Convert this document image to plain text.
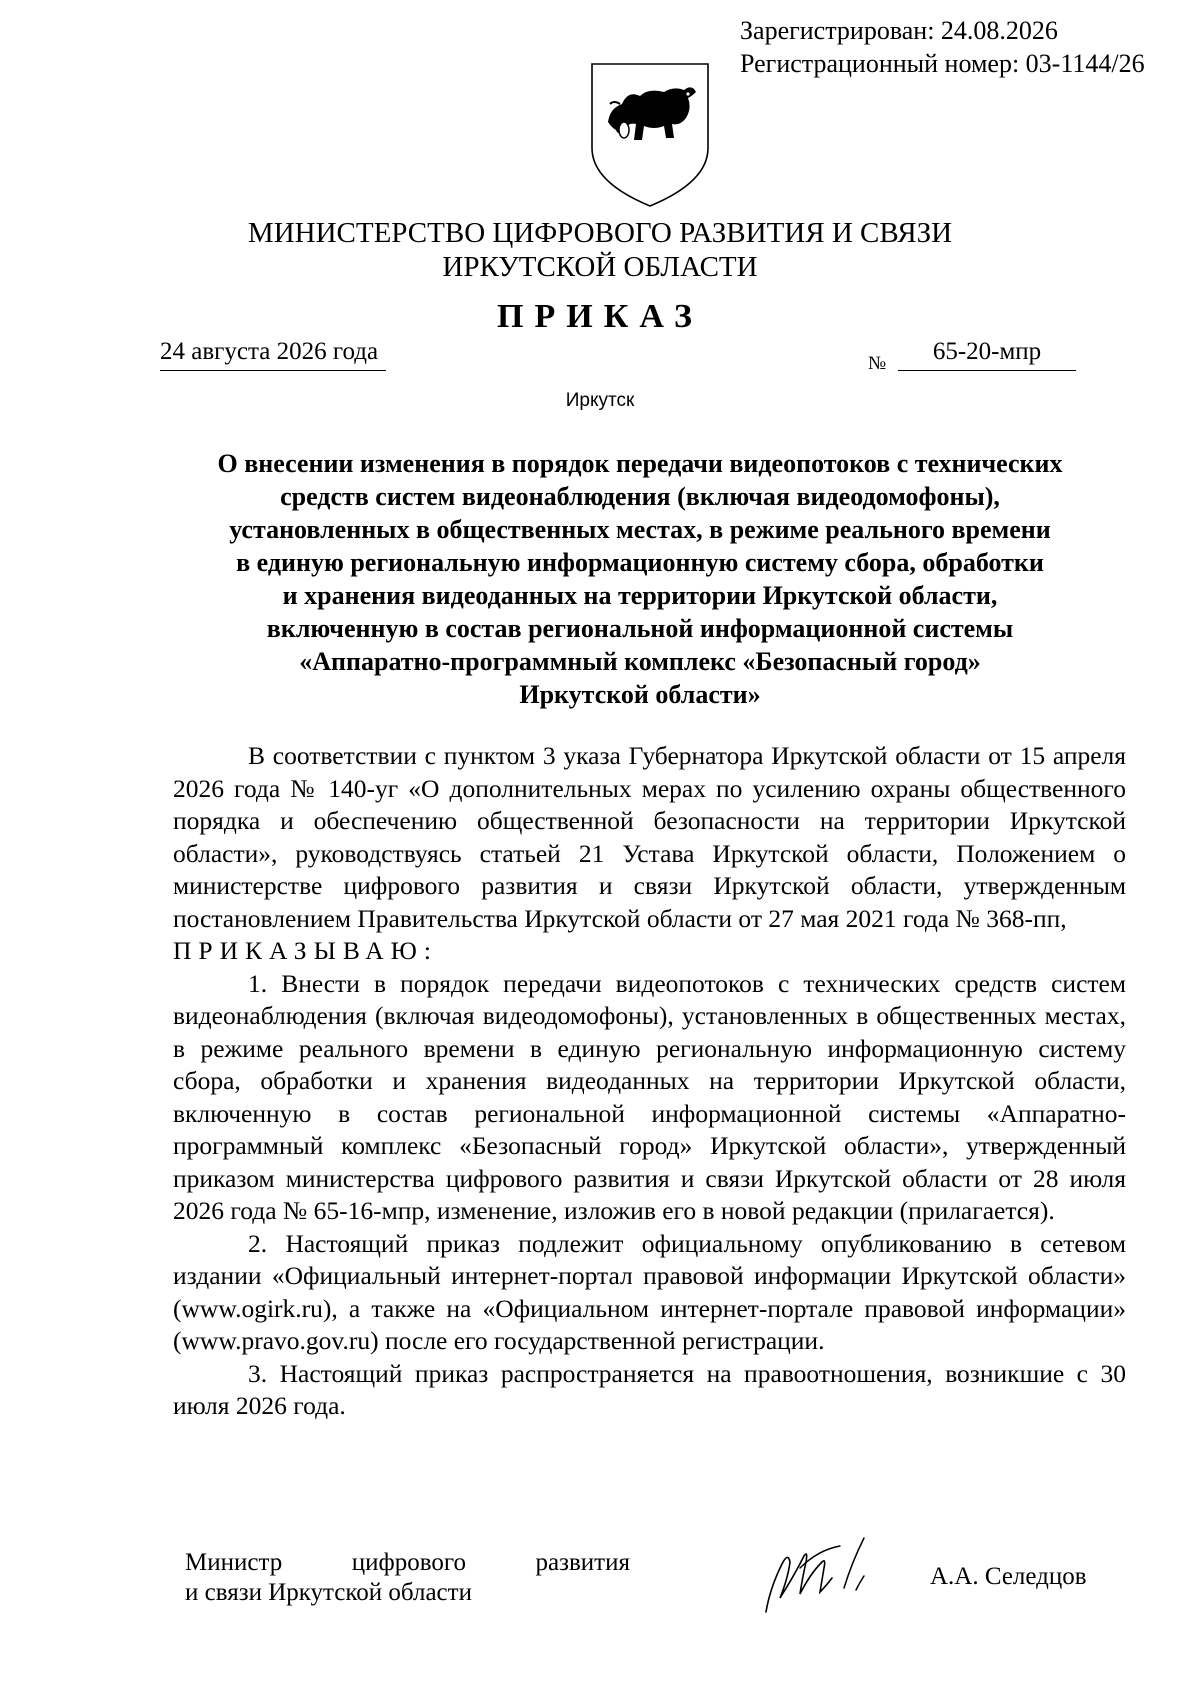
Зарегистрирован: 24.08.2026
Регистрационный номер: 03-1144/26
МИНИСТЕРСТВО ЦИФРОВОГО РАЗВИТИЯ И СВЯЗИ
ИРКУТСКОЙ ОБЛАСТИ
ПРИКАЗ
24 августа 2026 года	№	65-20-мпр
Иркутск
О внесении изменения в порядок передачи видеопотоков с технических
средств систем видеонаблюдения (включая видеодомофоны),
установленных в общественных местах, в режиме реального времени
в единую региональную информационную систему сбора, обработки
и хранения видеоданных на территории Иркутской области,
включенную в состав региональной информационной системы
«Аппаратно-программный комплекс «Безопасный город»
Иркутской области»

В соответствии с пунктом 3 указа Губернатора Иркутской области от 15 апреля 2026 года № 140-уг «О дополнительных мерах по усилению охраны общественного порядка и обеспечению общественной безопасности на территории Иркутской области», руководствуясь статьей 21 Устава Иркутской области, Положением о министерстве цифрового развития и связи Иркутской области, утвержденным постановлением Правительства Иркутской области от 27 мая 2021 года № 368-пп,

ПРИКАЗЫВАЮ:

1. Внести в порядок передачи видеопотоков с технических средств систем видеонаблюдения (включая видеодомофоны), установленных в общественных местах, в режиме реального времени в единую региональную информационную систему сбора, обработки и хранения видеоданных на территории Иркутской области, включенную в состав региональной информационной системы «Аппаратно-программный комплекс «Безопасный город» Иркутской области», утвержденный приказом министерства цифрового развития и связи Иркутской области от 28 июля 2026 года № 65-16-мпр, изменение, изложив его в новой редакции (прилагается).

2. Настоящий приказ подлежит официальному опубликованию в сетевом издании «Официальный интернет-портал правовой информации Иркутской области» (www.ogirk.ru), а также на «Официальном интернет-портале правовой информации» (www.pravo.gov.ru) после его государственной регистрации.

3. Настоящий приказ распространяется на правоотношения, возникшие с 30 июля 2026 года.

Министр	цифрового	развития
и связи Иркутской области
А.А. Селедцов
